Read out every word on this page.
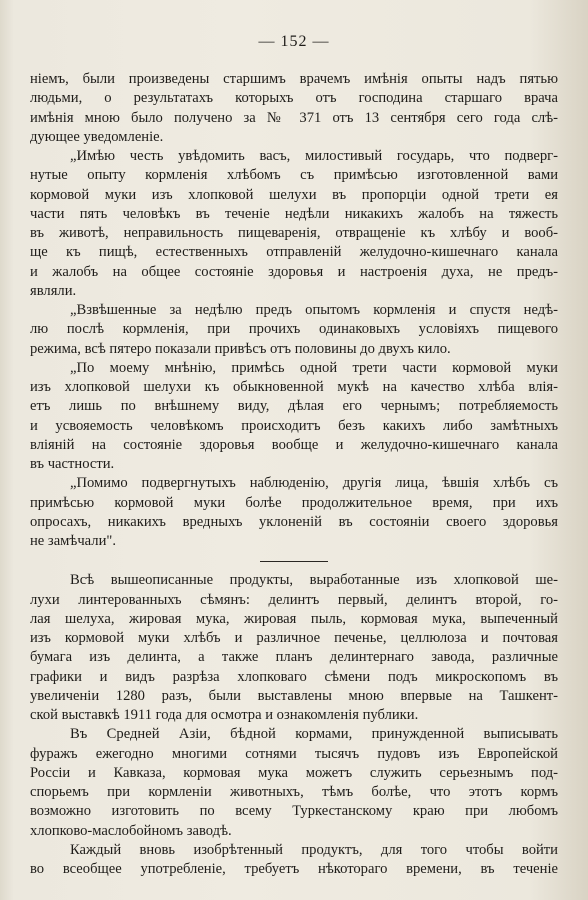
— 152 —
ніемъ, были произведены старшимъ врачемъ имѣнія опыты надъ пятью
людьми, о результатахъ которыхъ отъ господина старшаго врача
имѣнія мною было получено за № 371 отъ 13 сентября сего года слѣ-
дующее уведомленіе.
„Имѣю честь увѣдомить васъ, милостивый государь, что подверг-
нутые опыту кормленія хлѣбомъ съ примѣсью изготовленной вами
кормовой муки изъ хлопковой шелухи въ пропорціи одной трети ея
части пять человѣкъ въ теченіе недѣли никакихъ жалобъ на тяжесть
въ животѣ, неправильность пищеваренія, отвращеніе къ хлѣбу и вооб-
ще къ пищѣ, естественныхъ отправленій желудочно-кишечнаго канала
и жалобъ на общее состояніе здоровья и настроенія духа, не предъ-
являли.
„Взвѣшенные за недѣлю предъ опытомъ кормленія и спустя недѣ-
лю послѣ кормленія, при прочихъ одинаковыхъ условіяхъ пищевого
режима, всѣ пятеро показали привѣсъ отъ половины до двухъ кило.
„По моему мнѣнію, примѣсь одной трети части кормовой муки
изъ хлопковой шелухи къ обыкновенной мукѣ на качество хлѣба влія-
етъ лишь по внѣшнему виду, дѣлая его чернымъ; потребляемость
и усвояемость человѣкомъ происходитъ безъ какихъ либо замѣтныхъ
вліяній на состояніе здоровья вообще и желудочно-кишечнаго канала
въ частности.
„Помимо подвергнутыхъ наблюденію, другія лица, ѣвшія хлѣбъ съ
примѣсью кормовой муки болѣе продолжительное время, при ихъ
опросахъ, никакихъ вредныхъ уклоненій въ состояніи своего здоровья
не замѣчали".
Всѣ вышеописанные продукты, выработанные изъ хлопковой ше-
лухи линтерованныхъ сѣмянъ: делинтъ первый, делинтъ второй, го-
лая шелуха, жировая мука, жировая пыль, кормовая мука, выпеченный
изъ кормовой муки хлѣбъ и различное печенье, целлюлоза и почтовая
бумага изъ делинта, а также планъ делинтернаго завода, различные
графики и видъ разрѣза хлопковаго сѣмени подъ микроскопомъ въ
увеличеніи 1280 разъ, были выставлены мною впервые на Ташкент-
ской выставкѣ 1911 года для осмотра и ознакомленія публики.
Въ Средней Азіи, бѣдной кормами, принужденной выписывать
фуражъ ежегодно многими сотнями тысячъ пудовъ изъ Европейской
Россіи и Кавказа, кормовая мука можетъ служить серьезнымъ под-
спорьемъ при кормленіи животныхъ, тѣмъ болѣе, что этотъ кормъ
возможно изготовить по всему Туркестанскому краю при любомъ
хлопково-маслобойномъ заводѣ.
Каждый вновь изобрѣтенный продуктъ, для того чтобы войти
во всеобщее употребленіе, требуетъ нѣкотораго времени, въ теченіе
